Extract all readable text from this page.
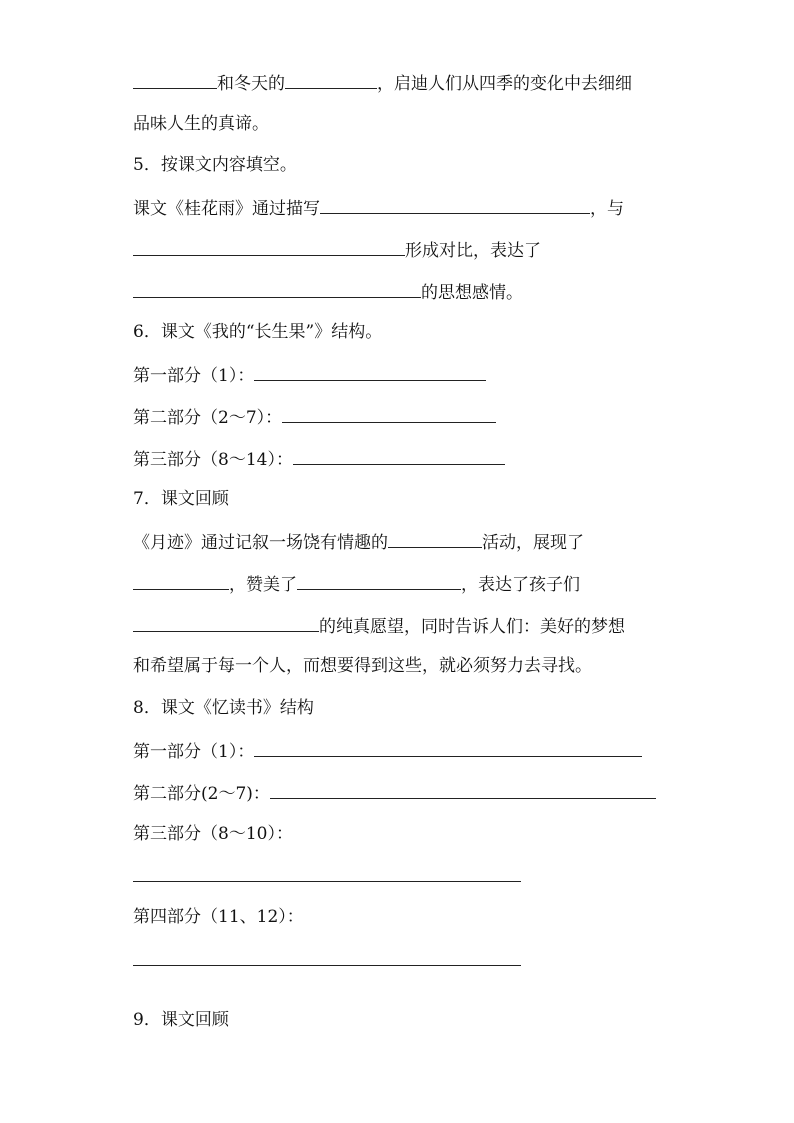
和冬天的	，启迪人们从四季的变化中去细细
品味人生的真谛。
5．按课文内容填空。
课文《桂花雨》通过描写	，与
形成对比，表达了
的思想感情。
6．课文《我的“长生果”》结构。
第一部分（1）：
第二部分（2～7）：
第三部分（8～14）：
7．课文回顾
《月迹》通过记叙一场饶有情趣的	活动，展现了
，赞美了	，表达了孩子们
的纯真愿望，同时告诉人们：美好的梦想
和希望属于每一个人，而想要得到这些，就必须努力去寻找。
8．课文《忆读书》结构
第一部分（1）：
第二部分(2～7)：
第三部分（8～10）：
第四部分（11、12）：
9．课文回顾
